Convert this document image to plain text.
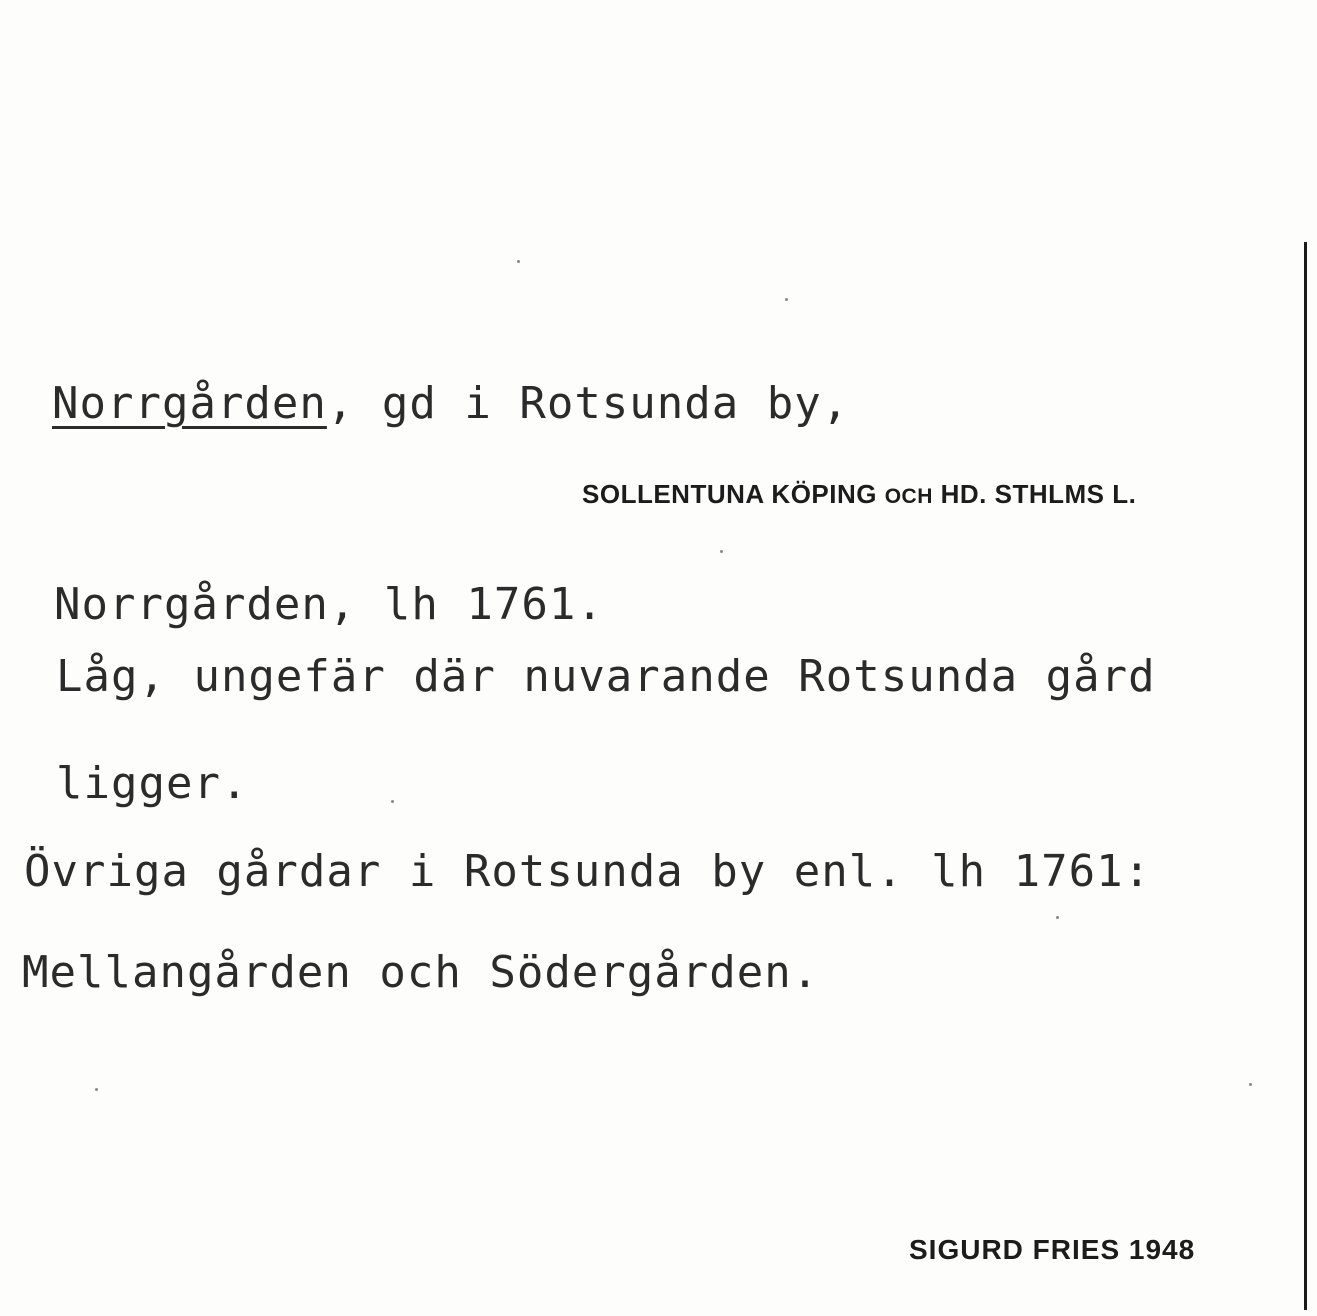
Norrgården, gd i Rotsunda by,
SOLLENTUNA KÖPING OCH HD. STHLMS L.
Norrgården, lh 1761.
Låg, ungefär där nuvarande Rotsunda gård
ligger.
Övriga gårdar i Rotsunda by enl. lh 1761:
Mellangården och Södergården.
SIGURD FRIES 1948
